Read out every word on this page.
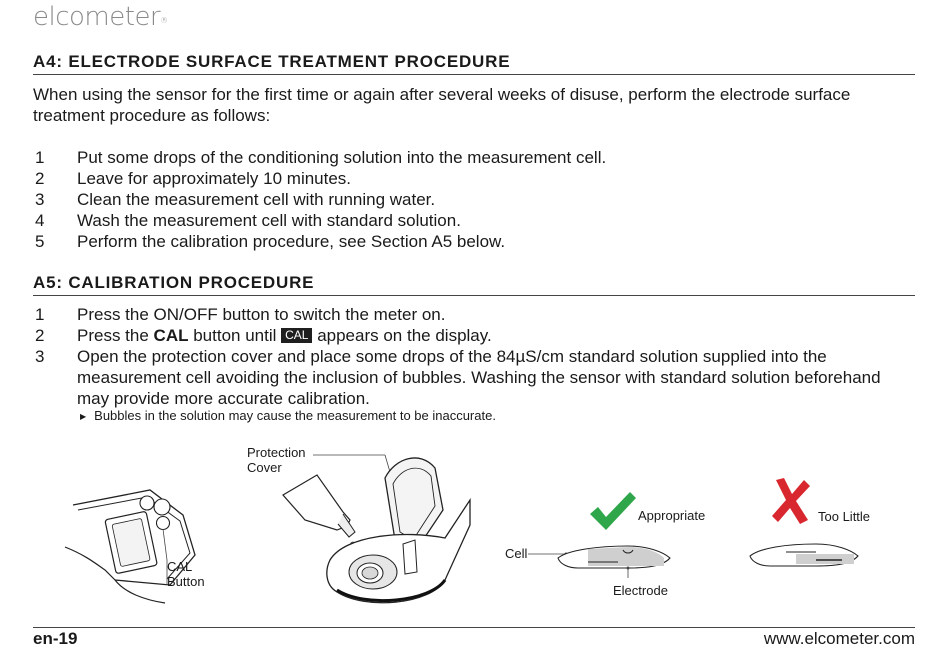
elcometer®
A4: ELECTRODE SURFACE TREATMENT PROCEDURE

When using the sensor for the first time or again after several weeks of disuse, perform the electrode surface treatment procedure as follows:

1 Put some drops of the conditioning solution into the measurement cell.
2 Leave for approximately 10 minutes.
3 Clean the measurement cell with running water.
4 Wash the measurement cell with standard solution.
5 Perform the calibration procedure, see Section A5 below.
A5: CALIBRATION PROCEDURE
1 Press the ON/OFF button to switch the meter on.
2 Press the CAL button until CAL appears on the display.
3 Open the protection cover and place some drops of the 84µS/cm standard solution supplied into the measurement cell avoiding the inclusion of bubbles. Washing the sensor with standard solution beforehand may provide more accurate calibration.
▶ Bubbles in the solution may cause the measurement to be inaccurate.
CAL
Button
Protection
Cover
Appropriate
Cell
Electrode
Too Little
en-19	www.elcometer.com
